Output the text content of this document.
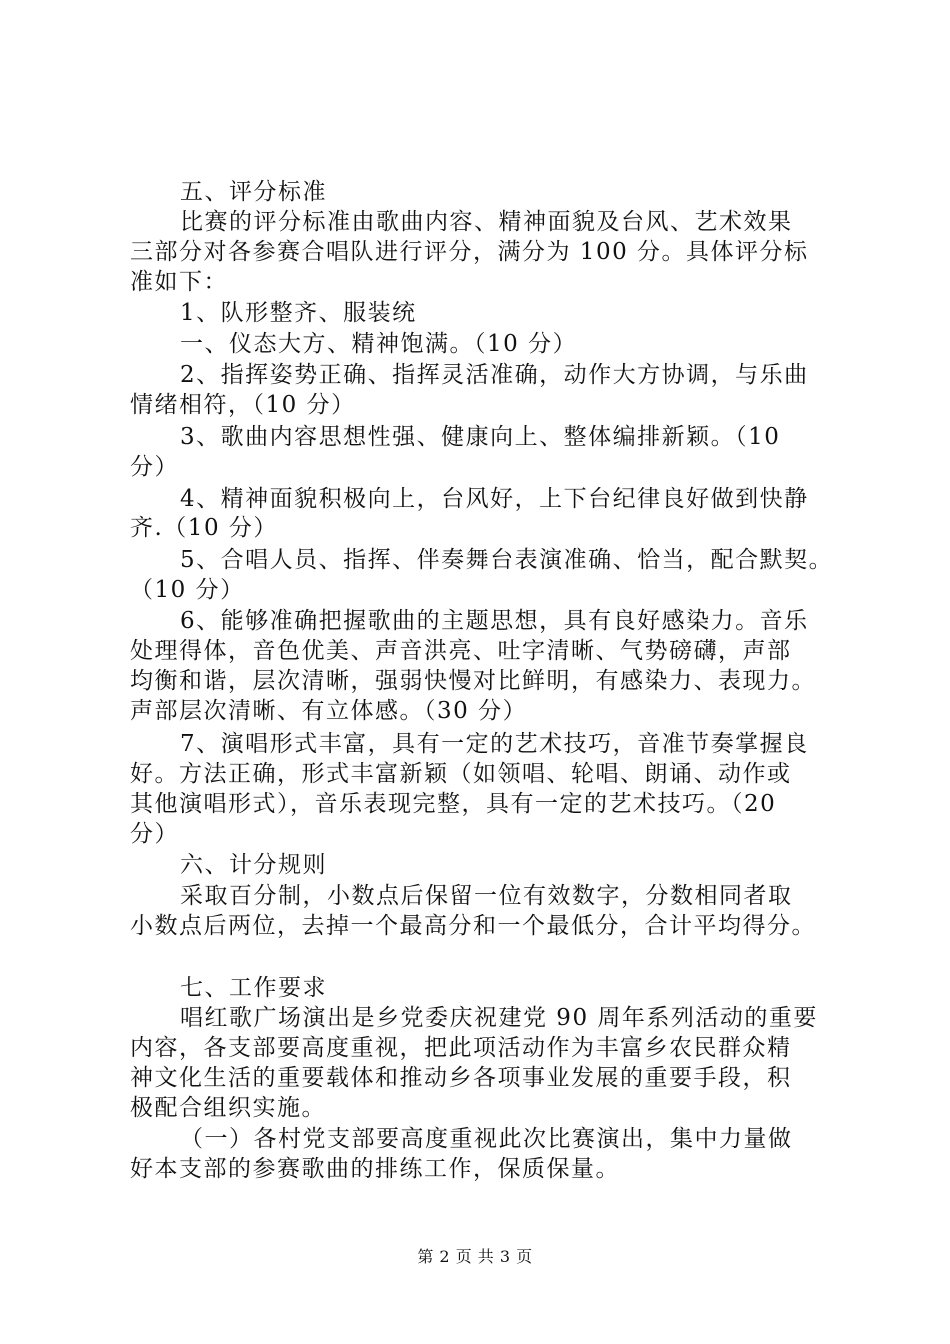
五、评分标准
比赛的评分标准由歌曲内容、精神面貌及台风、艺术效果
三部分对各参赛合唱队进行评分，满分为 100 分。具体评分标
准如下：
1、队形整齐、服装统
一、仪态大方、精神饱满。（10 分）
2、指挥姿势正确、指挥灵活准确，动作大方协调，与乐曲
情绪相符，（10 分）
3、歌曲内容思想性强、健康向上、整体编排新颖。（10
分）
4、精神面貌积极向上，台风好，上下台纪律良好做到快静
齐.（10 分）
5、合唱人员、指挥、伴奏舞台表演准确、恰当，配合默契。
（10 分）
6、能够准确把握歌曲的主题思想，具有良好感染力。音乐
处理得体，音色优美、声音洪亮、吐字清晰、气势磅礴，声部
均衡和谐，层次清晰，强弱快慢对比鲜明，有感染力、表现力。
声部层次清晰、有立体感。（30 分）
7、演唱形式丰富，具有一定的艺术技巧，音准节奏掌握良
好。方法正确，形式丰富新颖（如领唱、轮唱、朗诵、动作或
其他演唱形式），音乐表现完整，具有一定的艺术技巧。（20
分）
六、计分规则
采取百分制，小数点后保留一位有效数字，分数相同者取
小数点后两位，去掉一个最高分和一个最低分，合计平均得分。
七、工作要求
唱红歌广场演出是乡党委庆祝建党 90 周年系列活动的重要
内容，各支部要高度重视，把此项活动作为丰富乡农民群众精
神文化生活的重要载体和推动乡各项事业发展的重要手段，积
极配合组织实施。
（一）各村党支部要高度重视此次比赛演出，集中力量做
好本支部的参赛歌曲的排练工作，保质保量。
第 2 页 共 3 页
